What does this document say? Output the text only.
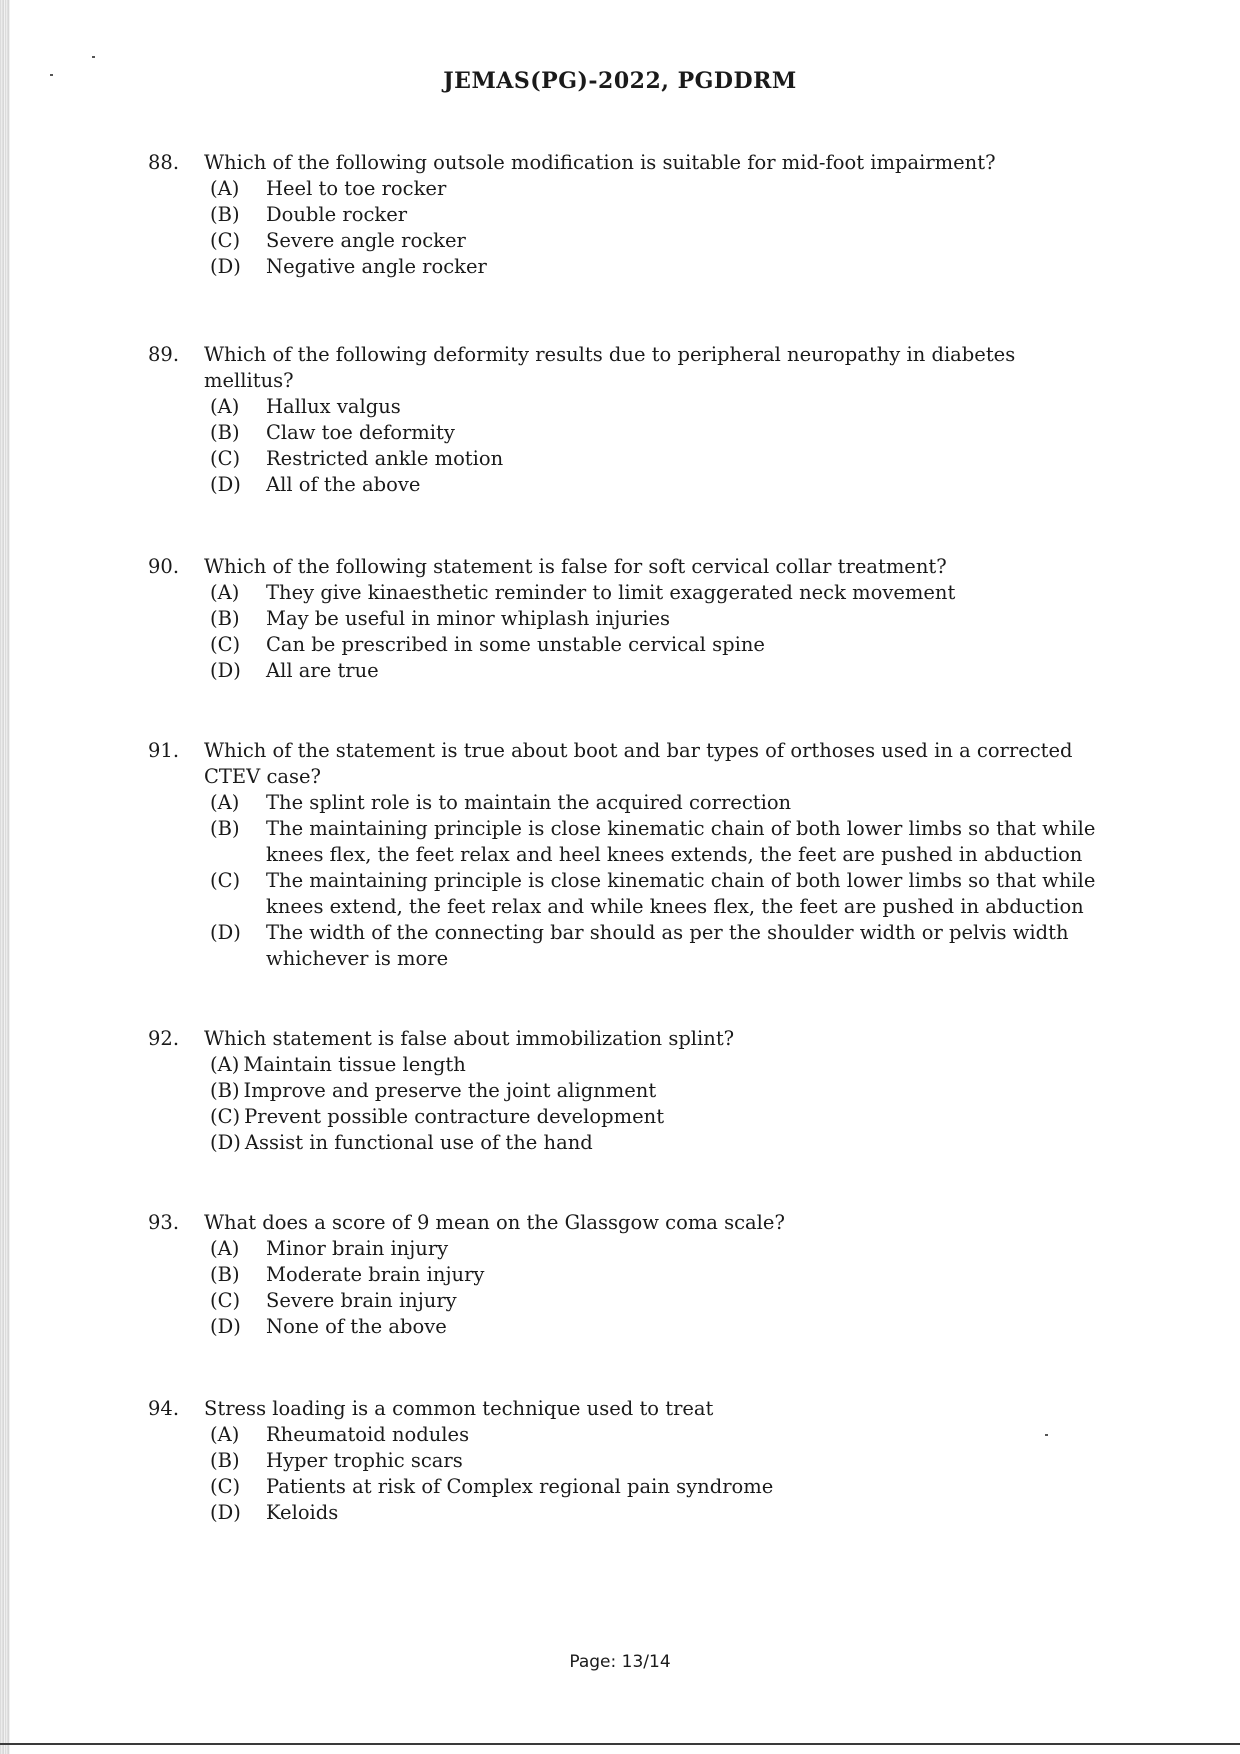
JEMAS(PG)-2022, PGDDRM
88.	Which of the following outsole modification is suitable for mid-foot impairment?
(A)	Heel to toe rocker
(B)	Double rocker
(C)	Severe angle rocker
(D)	Negative angle rocker
89.	Which of the following deformity results due to peripheral neuropathy in diabetes mellitus?
(A)	Hallux valgus
(B)	Claw toe deformity
(C)	Restricted ankle motion
(D)	All of the above
90.	Which of the following statement is false for soft cervical collar treatment?
(A)	They give kinaesthetic reminder to limit exaggerated neck movement
(B)	May be useful in minor whiplash injuries
(C)	Can be prescribed in some unstable cervical spine
(D)	All are true
91.	Which of the statement is true about boot and bar types of orthoses used in a corrected CTEV case?
(A)	The splint role is to maintain the acquired correction
(B)	The maintaining principle is close kinematic chain of both lower limbs so that while knees flex, the feet relax and heel knees extends, the feet are pushed in abduction
(C)	The maintaining principle is close kinematic chain of both lower limbs so that while knees extend, the feet relax and while knees flex, the feet are pushed in abduction
(D)	The width of the connecting bar should as per the shoulder width or pelvis width whichever is more
92.	Which statement is false about immobilization splint?
(A) Maintain tissue length
(B) Improve and preserve the joint alignment
(C) Prevent possible contracture development
(D) Assist in functional use of the hand
93.	What does a score of 9 mean on the Glassgow coma scale?
(A)	Minor brain injury
(B)	Moderate brain injury
(C)	Severe brain injury
(D)	None of the above
94.	Stress loading is a common technique used to treat
(A)	Rheumatoid nodules
(B)	Hyper trophic scars
(C)	Patients at risk of Complex regional pain syndrome
(D)	Keloids
Page: 13/14
